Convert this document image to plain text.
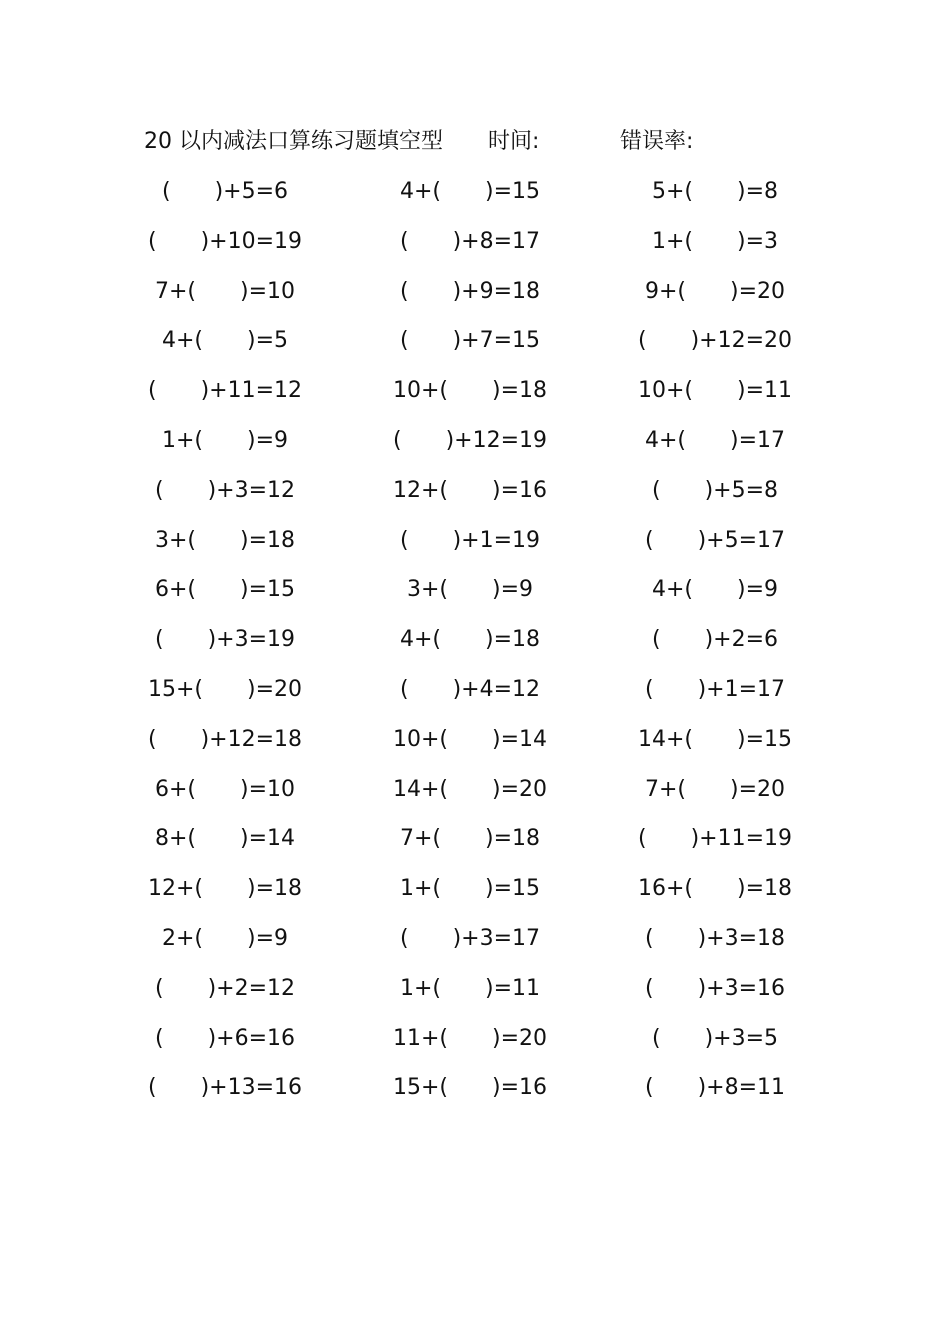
20 以内减法口算练习题填空型 时间:	错误率:
(　　)+5=6	4+(　　)=15	5+(　　)=8
(　　)+10=19	(　　)+8=17	1+(　　)=3
7+(　　)=10	(　　)+9=18	9+(　　)=20
4+(　　)=5	(　　)+7=15	(　　)+12=20
(　　)+11=12	10+(　　)=18	10+(　　)=11
1+(　　)=9	(　　)+12=19	4+(　　)=17
(　　)+3=12	12+(　　)=16	(　　)+5=8
3+(　　)=18	(　　)+1=19	(　　)+5=17
6+(　　)=15	3+(　　)=9	4+(　　)=9
(　　)+3=19	4+(　　)=18	(　　)+2=6
15+(　　)=20	(　　)+4=12	(　　)+1=17
(　　)+12=18	10+(　　)=14	14+(　　)=15
6+(　　)=10	14+(　　)=20	7+(　　)=20
8+(　　)=14	7+(　　)=18	(　　)+11=19
12+(　　)=18	1+(　　)=15	16+(　　)=18
2+(　　)=9	(　　)+3=17	(　　)+3=18
(　　)+2=12	1+(　　)=11	(　　)+3=16
(　　)+6=16	11+(　　)=20	(　　)+3=5
(　　)+13=16	15+(　　)=16	(　　)+8=11
